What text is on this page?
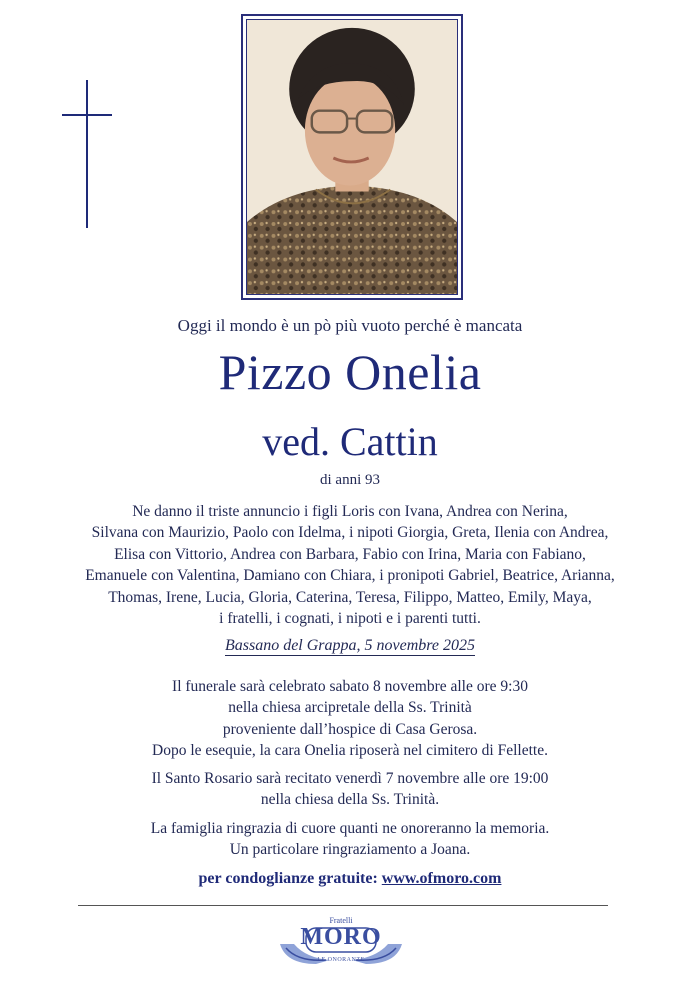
Oggi il mondo è un pò più vuoto perché è mancata
Pizzo Onelia
ved. Cattin
di anni 93
Ne danno il triste annuncio i figli Loris con Ivana, Andrea con Nerina,
Silvana con Maurizio, Paolo con Idelma, i nipoti Giorgia, Greta, Ilenia con Andrea,
Elisa con Vittorio, Andrea con Barbara, Fabio con Irina, Maria con Fabiano,
Emanuele con Valentina, Damiano con Chiara, i pronipoti Gabriel, Beatrice, Arianna,
Thomas, Irene, Lucia, Gloria, Caterina, Teresa, Filippo, Matteo, Emily, Maya,
i fratelli, i cognati, i nipoti e i parenti tutti.
Bassano del Grappa, 5 novembre 2025
Il funerale sarà celebrato sabato 8 novembre alle ore 9:30
nella chiesa arcipretale della Ss. Trinità
proveniente dall’hospice di Casa Gerosa.
Dopo le esequie, la cara Onelia riposerà nel cimitero di Fellette.
Il Santo Rosario sarà recitato venerdì 7 novembre alle ore 19:00
nella chiesa della Ss. Trinità.
La famiglia ringrazia di cuore quanti ne onoreranno la memoria.
Un particolare ringraziamento a Joana.
per condoglianze gratuite: www.ofmoro.com
Fratelli
MORO
LE ONORANZE
